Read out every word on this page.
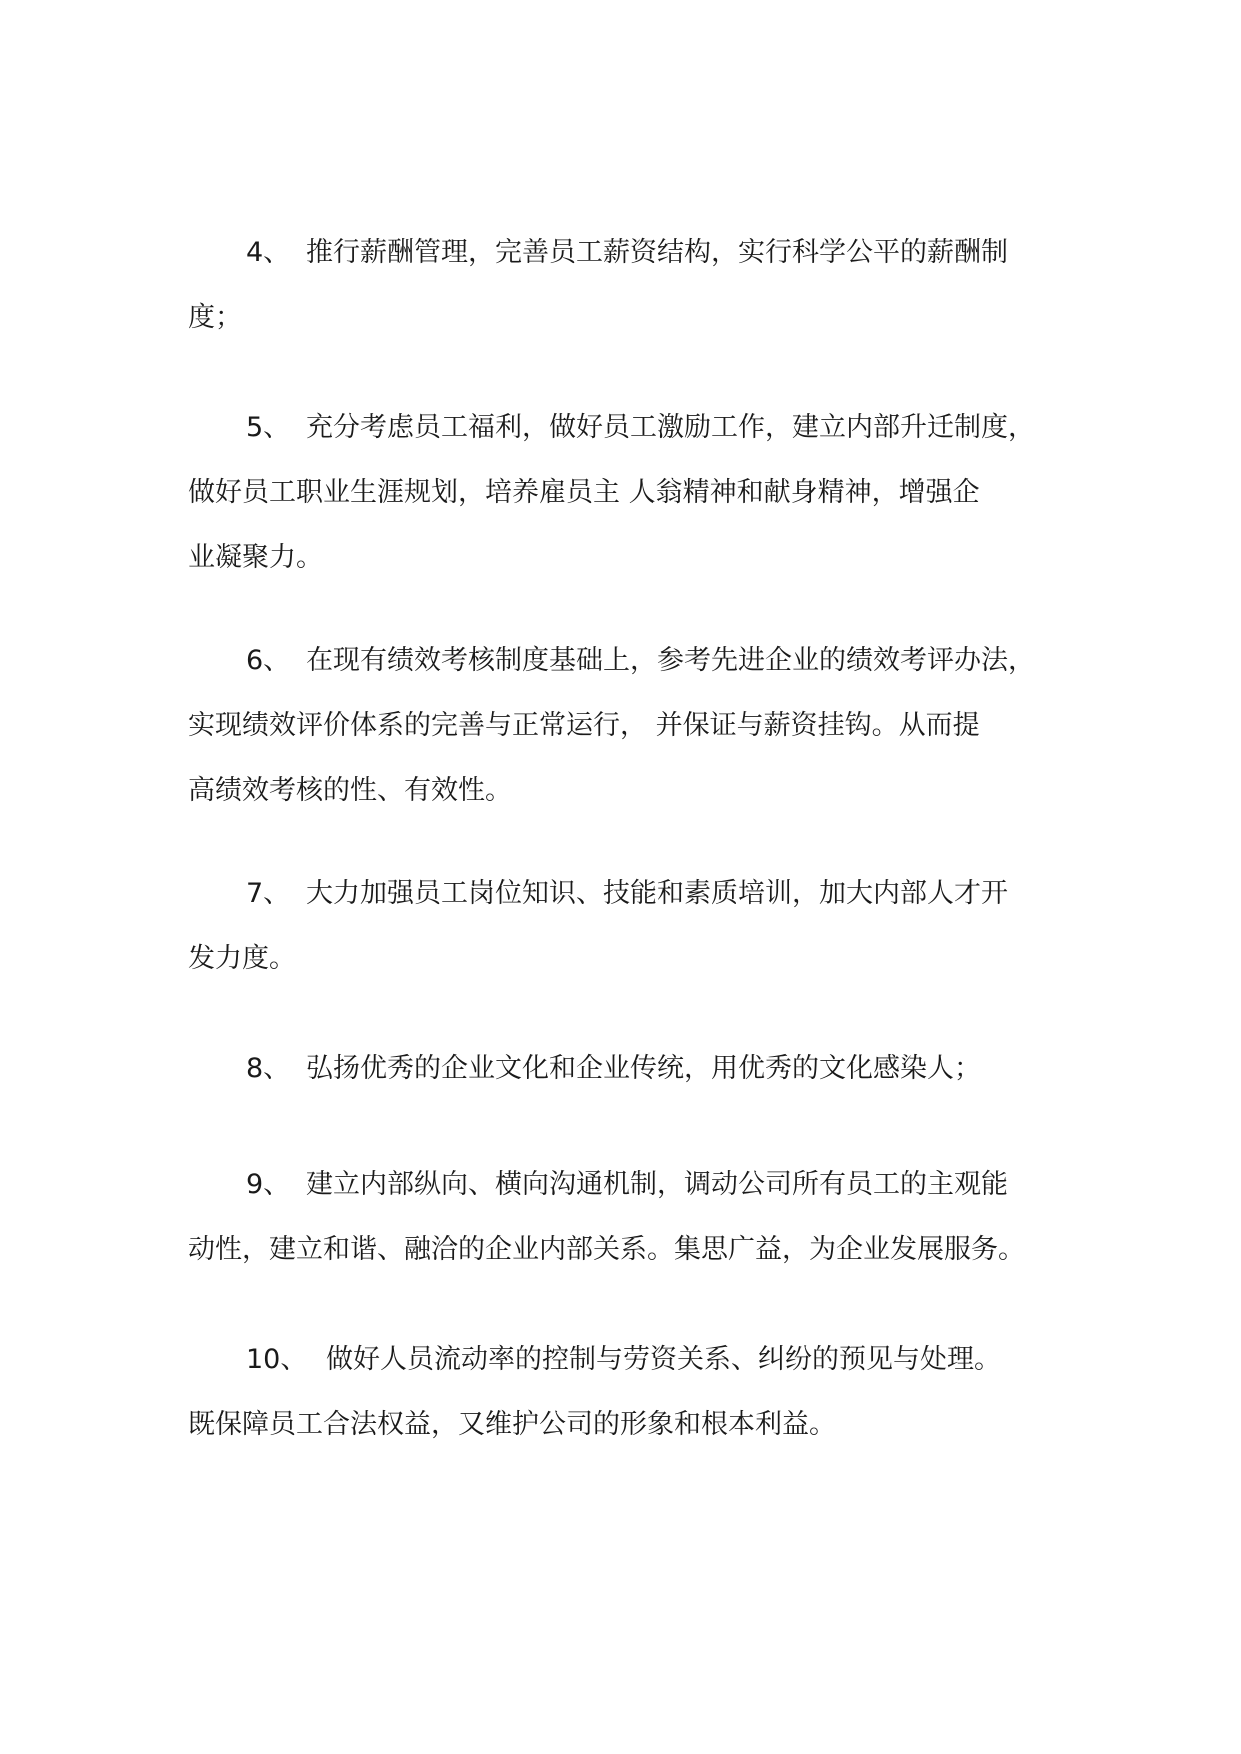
4、 推行薪酬管理，完善员工薪资结构，实行科学公平的薪酬制
度；
5、 充分考虑员工福利，做好员工激励工作，建立内部升迁制度，
做好员工职业生涯规划，培养雇员主 人翁精神和献身精神，增强企
业凝聚力。
6、 在现有绩效考核制度基础上，参考先进企业的绩效考评办法，
实现绩效评价体系的完善与正常运行， 并保证与薪资挂钩。从而提
高绩效考核的性、有效性。
7、 大力加强员工岗位知识、技能和素质培训，加大内部人才开
发力度。
8、 弘扬优秀的企业文化和企业传统，用优秀的文化感染人；
9、 建立内部纵向、横向沟通机制，调动公司所有员工的主观能
动性，建立和谐、融洽的企业内部关系。集思广益，为企业发展服务。
10、 做好人员流动率的控制与劳资关系、纠纷的预见与处理。
既保障员工合法权益，又维护公司的形象和根本利益。
